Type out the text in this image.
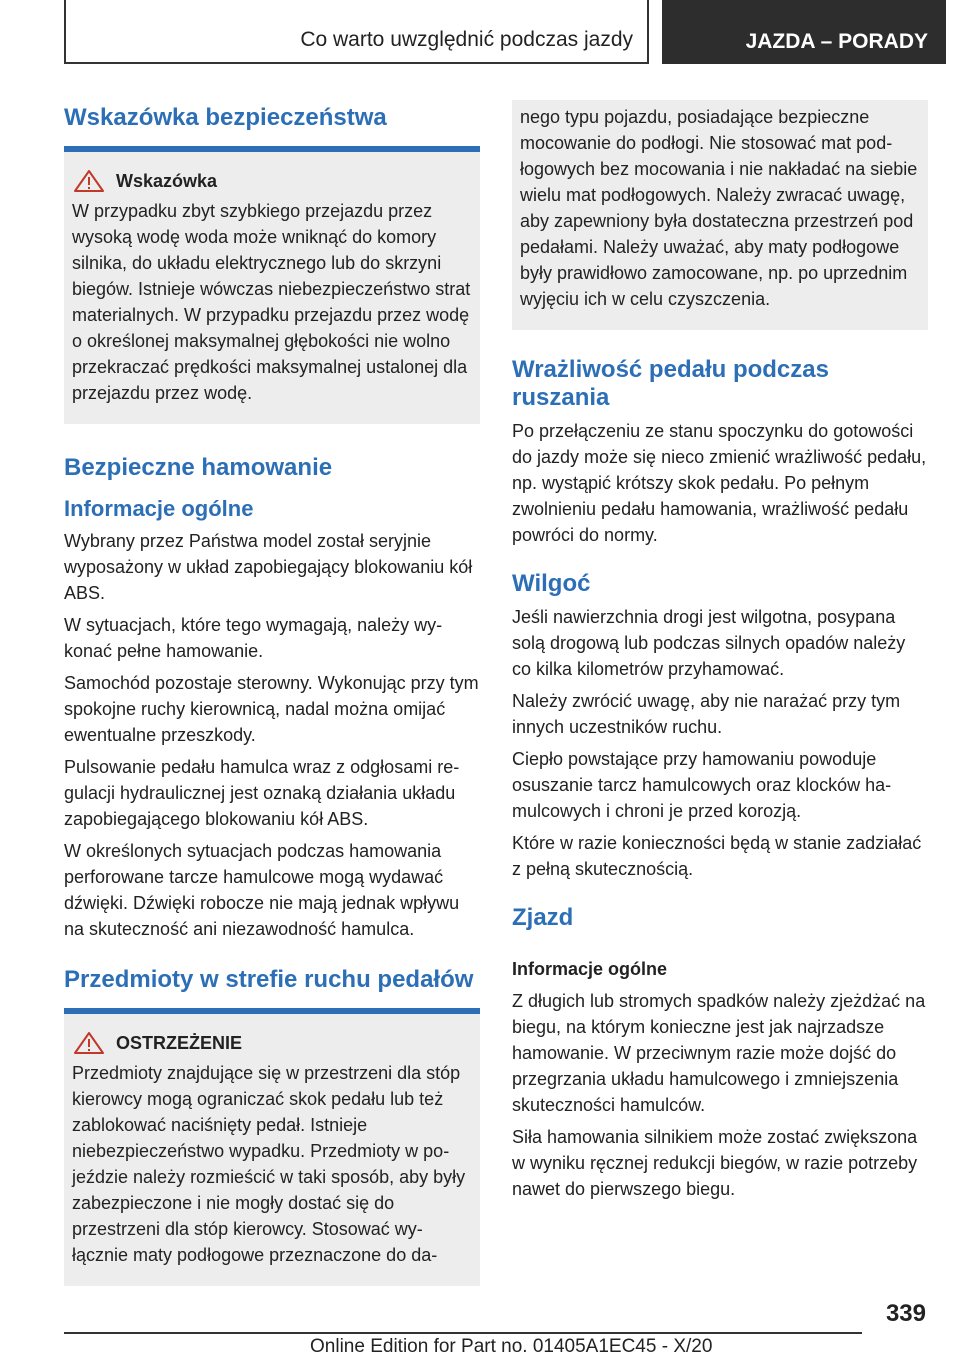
Co warto uwzględnić podczas jazdy	JAZDA – PORADY
Wskazówka bezpieczeństwa
Wskazówka

W przypadku zbyt szybkiego przejazdu przez wysoką wodę woda może wniknąć do komory silnika, do układu elektrycznego lub do skrzyni biegów. Istnieje wówczas niebezpieczeństwo strat materialnych. W przypadku przejazdu przez wodę o określonej maksymalnej głębokości nie wolno przekraczać prędkości maksymalnej ustalonej dla przejazdu przez wodę.

Bezpieczne hamowanie
Informacje ogólne

Wybrany przez Państwa model został seryjnie wyposażony w układ zapobiegający blokowaniu kół ABS.

W sytuacjach, które tego wymagają, należy wykonać pełne hamowanie.

Samochód pozostaje sterowny. Wykonując przy tym spokojne ruchy kierownicą, nadal można omijać ewentualne przeszkody.

Pulsowanie pedału hamulca wraz z odgłosami regulacji hydraulicznej jest oznaką działania układu zapobiegającego blokowaniu kół ABS.

W określonych sytuacjach podczas hamowania perforowane tarcze hamulcowe mogą wydawać dźwięki. Dźwięki robocze nie mają jednak wpływu na skuteczność ani niezawodność hamulca.

Przedmioty w strefie ruchu pedałów
OSTRZEŻENIE

Przedmioty znajdujące się w przestrzeni dla stóp kierowcy mogą ograniczać skok pedału lub też zablokować naciśnięty pedał. Istnieje niebezpieczeństwo wypadku. Przedmioty w pojeździe należy rozmieścić w taki sposób, aby były zabezpieczone i nie mogły dostać się do przestrzeni dla stóp kierowcy. Stosować wyłącznie maty podłogowe przeznaczone do da-

nego typu pojazdu, posiadające bezpieczne mocowanie do podłogi. Nie stosować mat podłogowych bez mocowania i nie nakładać na siebie wielu mat podłogowych. Należy zwracać uwagę, aby zapewniony była dostateczna przestrzeń pod pedałami. Należy uważać, aby maty podłogowe były prawidłowo zamocowane, np. po uprzednim wyjęciu ich w celu czyszczenia.

Wrażliwość pedału podczas ruszania

Po przełączeniu ze stanu spoczynku do gotowości do jazdy może się nieco zmienić wrażliwość pedału, np. wystąpić krótszy skok pedału. Po pełnym zwolnieniu pedału hamowania, wrażliwość pedału powróci do normy.

Wilgoć

Jeśli nawierzchnia drogi jest wilgotna, posypana solą drogową lub podczas silnych opadów należy co kilka kilometrów przyhamować.

Należy zwrócić uwagę, aby nie narażać przy tym innych uczestników ruchu.

Ciepło powstające przy hamowaniu powoduje osuszanie tarcz hamulcowych oraz klocków hamulcowych i chroni je przed korozją.

Które w razie konieczności będą w stanie zadziałać z pełną skutecznością.

Zjazd

Informacje ogólne

Z długich lub stromych spadków należy zjeżdżać na biegu, na którym konieczne jest jak najrzadsze hamowanie. W przeciwnym razie może dojść do przegrzania układu hamulcowego i zmniejszenia skuteczności hamulców.

Siła hamowania silnikiem może zostać zwiększona w wyniku ręcznej redukcji biegów, w razie potrzeby nawet do pierwszego biegu.

339
Online Edition for Part no. 01405A1EC45 - X/20
